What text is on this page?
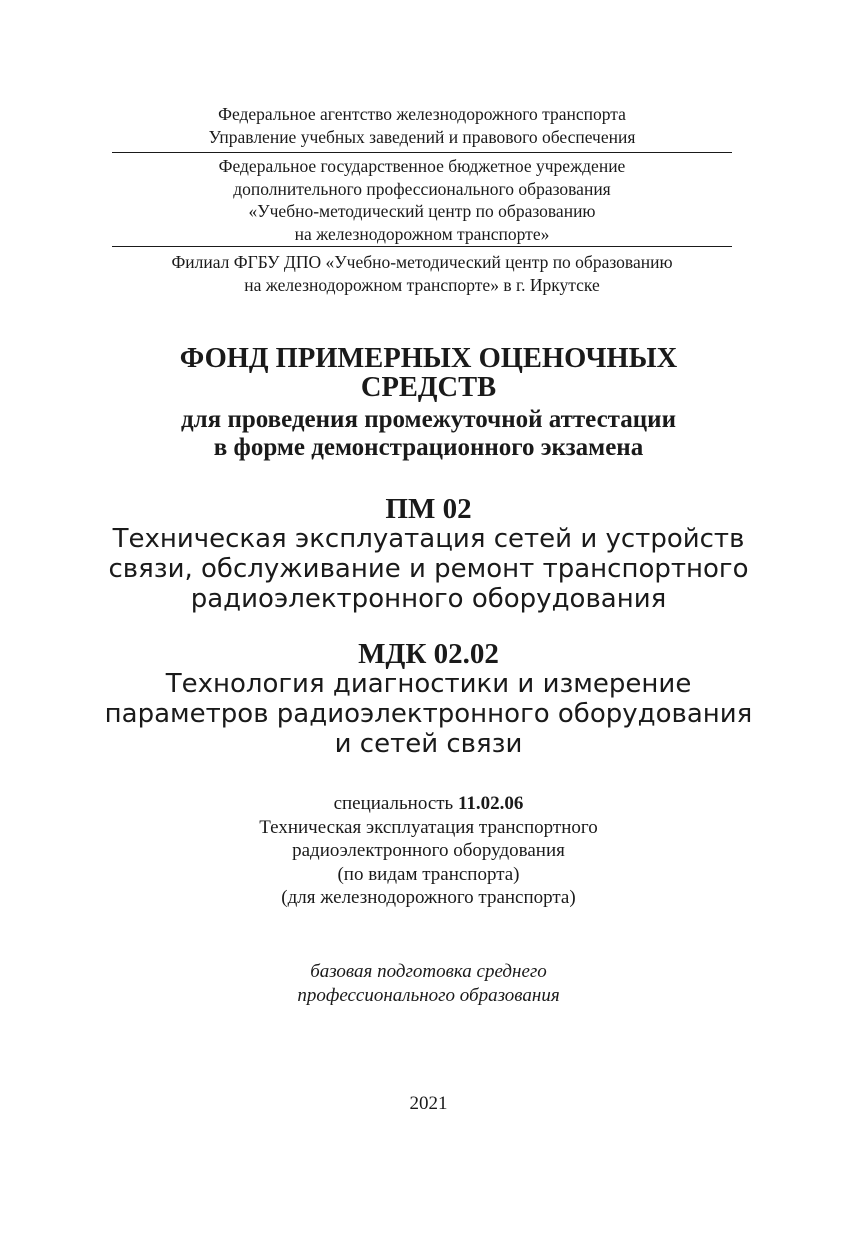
Федеральное агентство железнодорожного транспорта
Управление учебных заведений и правового обеспечения
Федеральное государственное бюджетное учреждение
дополнительного профессионального образования
«Учебно-методический центр по образованию
на железнодорожном транспорте»
Филиал ФГБУ ДПО «Учебно-методический центр по образованию
на железнодорожном транспорте» в г. Иркутске
ФОНД ПРИМЕРНЫХ ОЦЕНОЧНЫХ
СРЕДСТВ
для проведения промежуточной аттестации
в форме демонстрационного экзамена
ПМ 02
Техническая эксплуатация сетей и устройств
связи, обслуживание и ремонт транспортного
радиоэлектронного оборудования
МДК 02.02
Технология диагностики и измерение
параметров радиоэлектронного оборудования
и сетей связи
специальность 11.02.06
Техническая эксплуатация транспортного
радиоэлектронного оборудования
(по видам транспорта)
(для железнодорожного транспорта)
базовая подготовка среднего
профессионального образования
2021
